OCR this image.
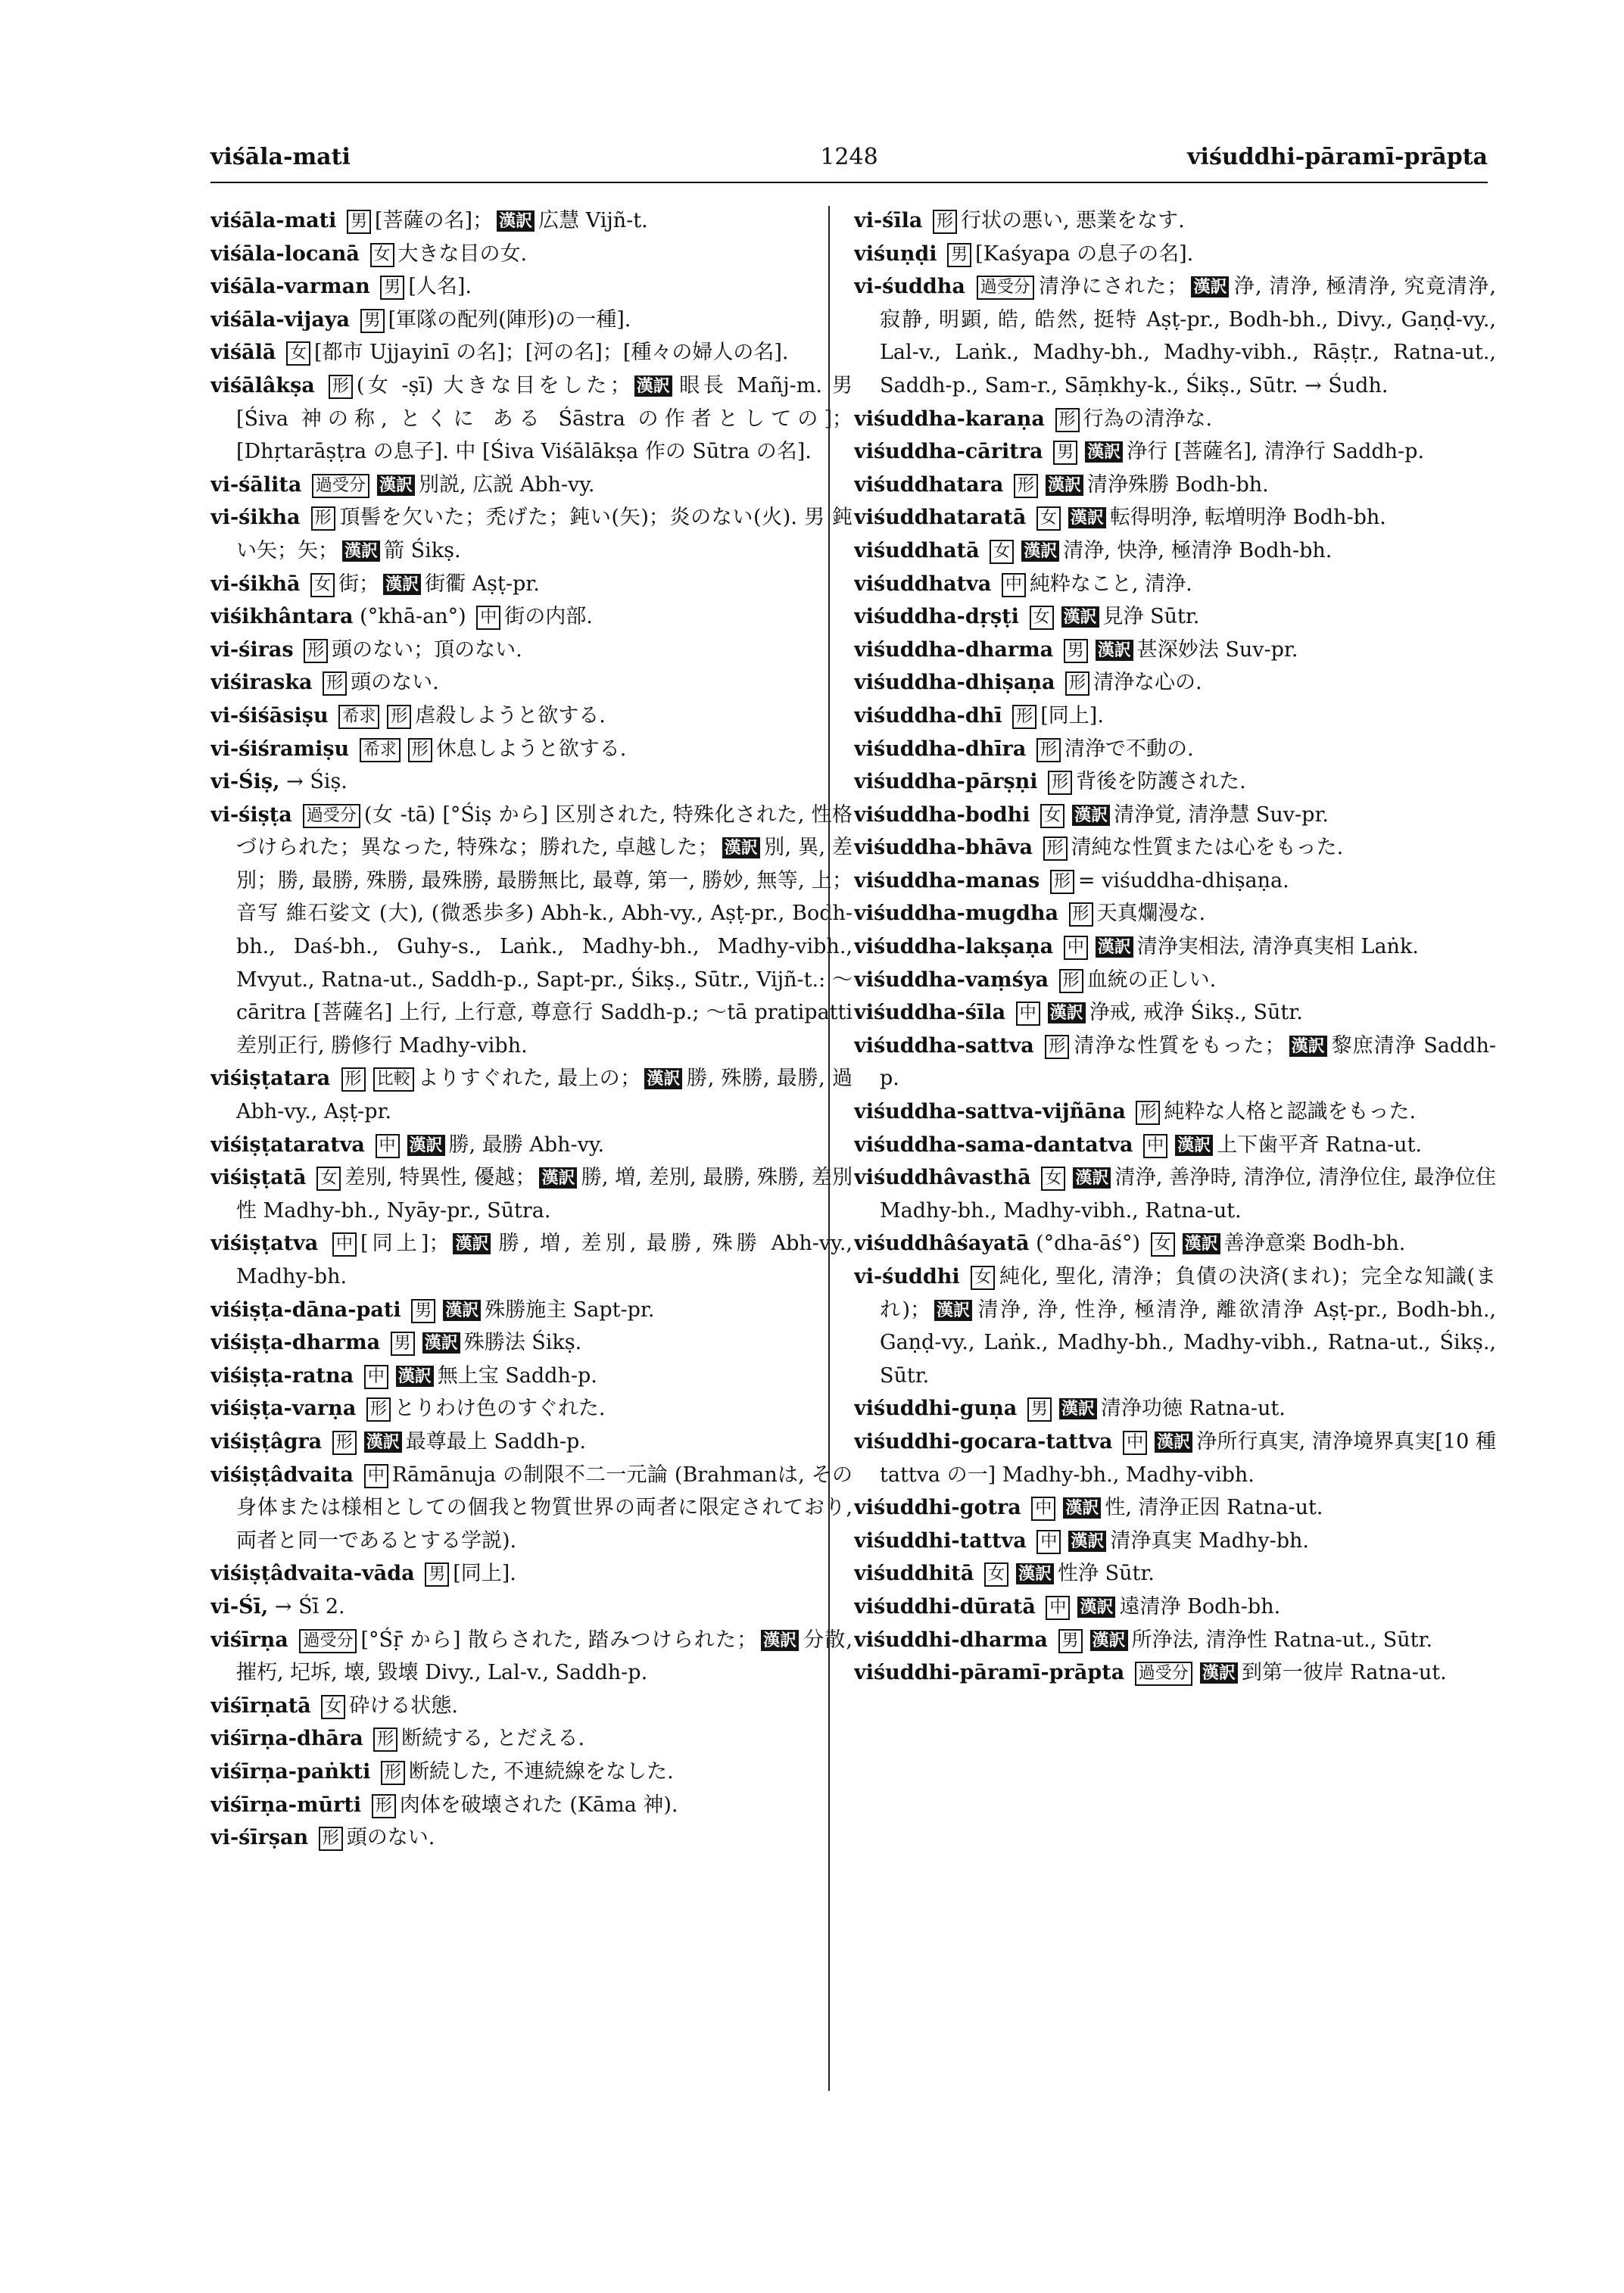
viśāla-mati	1248	viśuddhi-pāramī-prāpta

viśāla-mati 男 [菩薩の名]； 漢訳 広慧 Vijñ-t.

viśāla-locanā 女 大きな目の女.

viśāla-varman 男 [人名].

viśāla-vijaya 男 [軍隊の配列(陣形)の一種].

viśālā 女 [都市 Ujjayinī の名]；[河の名]；[種々の婦人の名].

viśālâkṣa 形 (女 -ṣī) 大きな目をした； 漢訳 眼長 Mañj-m. 男 [Śiva 神の称, とくに ある Śāstra の作者としての]；[Dhṛtarāṣṭra の息子]. 中 [Śiva Viśālākṣa 作の Sūtra の名].

vi-śālita 過受分 漢訳 別説, 広説 Abh-vy.

vi-śikha 形 頂髻を欠いた；禿げた；鈍い(矢)；炎のない(火). 男 鈍い矢；矢； 漢訳 箭 Śikṣ.

vi-śikhā 女 街； 漢訳 街衢 Aṣṭ-pr.

viśikhântara (°khā-an°) 中 街の内部.

vi-śiras 形 頭のない；頂のない.

viśiraska 形 頭のない.

vi-śiśāsiṣu 希求 形 虐殺しようと欲する.

vi-śiśramiṣu 希求 形 休息しようと欲する.

vi-Śiṣ, → Śiṣ.

vi-śiṣṭa 過受分 (女 -tā) [°Śiṣ から] 区別された, 特殊化された, 性格づけられた；異なった, 特殊な；勝れた, 卓越した； 漢訳 別, 異, 差別；勝, 最勝, 殊勝, 最殊勝, 最勝無比, 最尊, 第一, 勝妙, 無等, 上；音写 維石娑文 (大), (微悉歩多) Abh-k., Abh-vy., Aṣṭ-pr., Bodh-bh., Daś-bh., Guhy-s., Laṅk., Madhy-bh., Madhy-vibh., Mvyut., Ratna-ut., Saddh-p., Sapt-pr., Śikṣ., Sūtr., Vijñ-t.: ～cāritra [菩薩名] 上行, 上行意, 尊意行 Saddh-p.; ～tā pratipatti 差別正行, 勝修行 Madhy-vibh.

viśiṣṭatara 形 比較 よりすぐれた, 最上の； 漢訳 勝, 殊勝, 最勝, 過 Abh-vy., Aṣṭ-pr.

viśiṣṭataratva 中 漢訳 勝, 最勝 Abh-vy.

viśiṣṭatā 女 差別, 特異性, 優越； 漢訳 勝, 増, 差別, 最勝, 殊勝, 差別性 Madhy-bh., Nyāy-pr., Sūtra.

viśiṣṭatva 中 [同上]； 漢訳 勝, 増, 差別, 最勝, 殊勝 Abh-vy., Madhy-bh.

viśiṣṭa-dāna-pati 男 漢訳 殊勝施主 Sapt-pr.

viśiṣṭa-dharma 男 漢訳 殊勝法 Śikṣ.

viśiṣṭa-ratna 中 漢訳 無上宝 Saddh-p.

viśiṣṭa-varṇa 形 とりわけ色のすぐれた.

viśiṣṭâgra 形 漢訳 最尊最上 Saddh-p.

viśiṣṭâdvaita 中 Rāmānuja の制限不二一元論 (Brahmanは, その身体または様相としての個我と物質世界の両者に限定されており, 両者と同一であるとする学説).

viśiṣṭâdvaita-vāda 男 [同上].

vi-Śī, → Śī 2.

viśīrṇa 過受分 [°Śṝ から] 散らされた, 踏みつけられた； 漢訳 分散, 摧朽, 圮坼, 壊, 毀壊 Divy., Lal-v., Saddh-p.

viśīrṇatā 女 砕ける状態.

viśīrṇa-dhāra 形 断続する, とだえる.

viśīrṇa-paṅkti 形 断続した, 不連続線をなした.

viśīrṇa-mūrti 形 肉体を破壊された (Kāma 神).

vi-śīrṣan 形 頭のない.

vi-śīla 形 行状の悪い, 悪業をなす.

viśuṇḍi 男 [Kaśyapa の息子の名].

vi-śuddha 過受分 清浄にされた； 漢訳 浄, 清浄, 極清浄, 究竟清浄, 寂静, 明顕, 皓, 皓然, 挺特 Aṣṭ-pr., Bodh-bh., Divy., Gaṇḍ-vy., Lal-v., Laṅk., Madhy-bh., Madhy-vibh., Rāṣṭr., Ratna-ut., Saddh-p., Sam-r., Sāṃkhy-k., Śikṣ., Sūtr. → Śudh.

viśuddha-karaṇa 形 行為の清浄な.

viśuddha-cāritra 男 漢訳 浄行 [菩薩名], 清浄行 Saddh-p.

viśuddhatara 形 漢訳 清浄殊勝 Bodh-bh.

viśuddhataratā 女 漢訳 転得明浄, 転増明浄 Bodh-bh.

viśuddhatā 女 漢訳 清浄, 快浄, 極清浄 Bodh-bh.

viśuddhatva 中 純粋なこと, 清浄.

viśuddha-dṛṣṭi 女 漢訳 見浄 Sūtr.

viśuddha-dharma 男 漢訳 甚深妙法 Suv-pr.

viśuddha-dhiṣaṇa 形 清浄な心の.

viśuddha-dhī 形 [同上].

viśuddha-dhīra 形 清浄で不動の.

viśuddha-pārṣṇi 形 背後を防護された.

viśuddha-bodhi 女 漢訳 清浄覚, 清浄慧 Suv-pr.

viśuddha-bhāva 形 清純な性質または心をもった.

viśuddha-manas 形 = viśuddha-dhiṣaṇa.

viśuddha-mugdha 形 天真爛漫な.

viśuddha-lakṣaṇa 中 漢訳 清浄実相法, 清浄真実相 Laṅk.

viśuddha-vaṃśya 形 血統の正しい.

viśuddha-śīla 中 漢訳 浄戒, 戒浄 Śikṣ., Sūtr.

viśuddha-sattva 形 清浄な性質をもった； 漢訳 黎庶清浄 Saddh-p.

viśuddha-sattva-vijñāna 形 純粋な人格と認識をもった.

viśuddha-sama-dantatva 中 漢訳 上下歯平斉 Ratna-ut.

viśuddhâvasthā 女 漢訳 清浄, 善浄時, 清浄位, 清浄位住, 最浄位住 Madhy-bh., Madhy-vibh., Ratna-ut.

viśuddhâśayatā (°dha-āś°) 女 漢訳 善浄意楽 Bodh-bh.

vi-śuddhi 女 純化, 聖化, 清浄；負債の決済(まれ)；完全な知識(まれ)； 漢訳 清浄, 浄, 性浄, 極清浄, 離欲清浄 Aṣṭ-pr., Bodh-bh., Gaṇḍ-vy., Laṅk., Madhy-bh., Madhy-vibh., Ratna-ut., Śikṣ., Sūtr.

viśuddhi-guṇa 男 漢訳 清浄功徳 Ratna-ut.

viśuddhi-gocara-tattva 中 漢訳 浄所行真実, 清浄境界真実[10 種 tattva の一] Madhy-bh., Madhy-vibh.

viśuddhi-gotra 中 漢訳 性, 清浄正因 Ratna-ut.

viśuddhi-tattva 中 漢訳 清浄真実 Madhy-bh.

viśuddhitā 女 漢訳 性浄 Sūtr.

viśuddhi-dūratā 中 漢訳 遠清浄 Bodh-bh.

viśuddhi-dharma 男 漢訳 所浄法, 清浄性 Ratna-ut., Sūtr.

viśuddhi-pāramī-prāpta 過受分 漢訳 到第一彼岸 Ratna-ut.
